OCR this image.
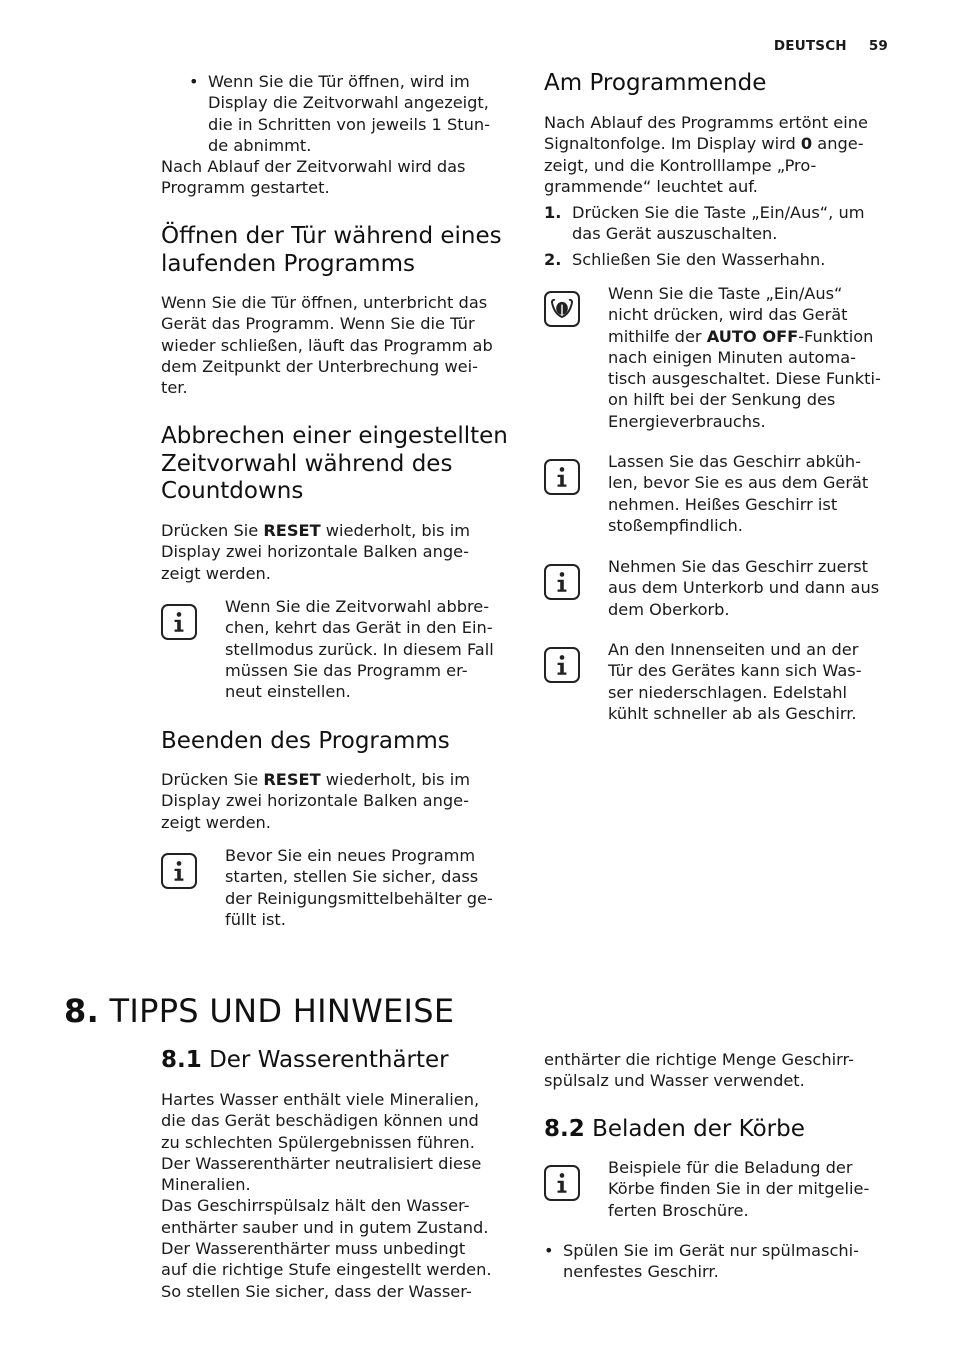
DEUTSCH 59
• Wenn Sie die Tür öffnen, wird im
Display die Zeitvorwahl angezeigt,
die in Schritten von jeweils 1 Stun-
de abnimmt.
Nach Ablauf der Zeitvorwahl wird das
Programm gestartet.
Öffnen der Tür während eines
laufenden Programms
Wenn Sie die Tür öffnen, unterbricht das
Gerät das Programm. Wenn Sie die Tür
wieder schließen, läuft das Programm ab
dem Zeitpunkt der Unterbrechung wei-
ter.
Abbrechen einer eingestellten
Zeitvorwahl während des
Countdowns
Drücken Sie RESET wiederholt, bis im
Display zwei horizontale Balken ange-
zeigt werden.
Wenn Sie die Zeitvorwahl abbre-
chen, kehrt das Gerät in den Ein-
stellmodus zurück. In diesem Fall
müssen Sie das Programm er-
neut einstellen.
Beenden des Programms
Drücken Sie RESET wiederholt, bis im
Display zwei horizontale Balken ange-
zeigt werden.
Bevor Sie ein neues Programm
starten, stellen Sie sicher, dass
der Reinigungsmittelbehälter ge-
füllt ist.
Am Programmende
Nach Ablauf des Programms ertönt eine
Signaltonfolge. Im Display wird 0 ange-
zeigt, und die Kontrolllampe „Pro-
grammende“ leuchtet auf.
1. Drücken Sie die Taste „Ein/Aus“, um
das Gerät auszuschalten.
2. Schließen Sie den Wasserhahn.
Wenn Sie die Taste „Ein/Aus“
nicht drücken, wird das Gerät
mithilfe der AUTO OFF-Funktion
nach einigen Minuten automa-
tisch ausgeschaltet. Diese Funkti-
on hilft bei der Senkung des
Energieverbrauchs.
Lassen Sie das Geschirr abküh-
len, bevor Sie es aus dem Gerät
nehmen. Heißes Geschirr ist
stoßempfindlich.
Nehmen Sie das Geschirr zuerst
aus dem Unterkorb und dann aus
dem Oberkorb.
An den Innenseiten und an der
Tür des Gerätes kann sich Was-
ser niederschlagen. Edelstahl
kühlt schneller ab als Geschirr.
8. TIPPS UND HINWEISE
8.1 Der Wasserenthärter
Hartes Wasser enthält viele Mineralien,
die das Gerät beschädigen können und
zu schlechten Spülergebnissen führen.
Der Wasserenthärter neutralisiert diese
Mineralien.
Das Geschirrspülsalz hält den Wasser-
enthärter sauber und in gutem Zustand.
Der Wasserenthärter muss unbedingt
auf die richtige Stufe eingestellt werden.
So stellen Sie sicher, dass der Wasser-
enthärter die richtige Menge Geschirr-
spülsalz und Wasser verwendet.
8.2 Beladen der Körbe
Beispiele für die Beladung der
Körbe finden Sie in der mitgelie-
ferten Broschüre.
• Spülen Sie im Gerät nur spülmaschi-
nenfestes Geschirr.
